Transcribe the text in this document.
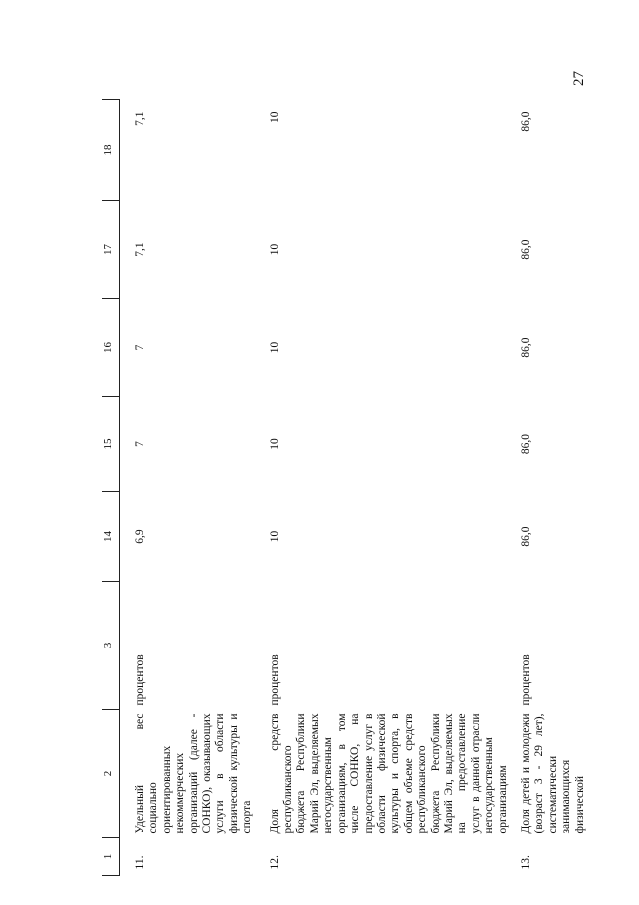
27
1	2	3	14	15	16	17	18
11.	Удельный вес социально ориентированных некоммерческих организаций (далее - СОНКО), оказывающих услуги в области физической культуры и спорта	процентов	6,9	7	7	7,1	7,1
12.	Доля средств республиканского бюджета Республики Марий Эл, выделяемых негосударственным организациям, в том числе СОНКО, на предоставление услуг в области физической культуры и спорта, в общем объеме средств республиканского бюджета Республики Марий Эл, выделяемых на предоставление услуг в данной отрасли негосударственным организациям	процентов	10	10	10	10	10
13.	Доля детей и молодежи (возраст 3 - 29 лет), систематически занимающихся физической	процентов	86,0	86,0	86,0	86,0	86,0
